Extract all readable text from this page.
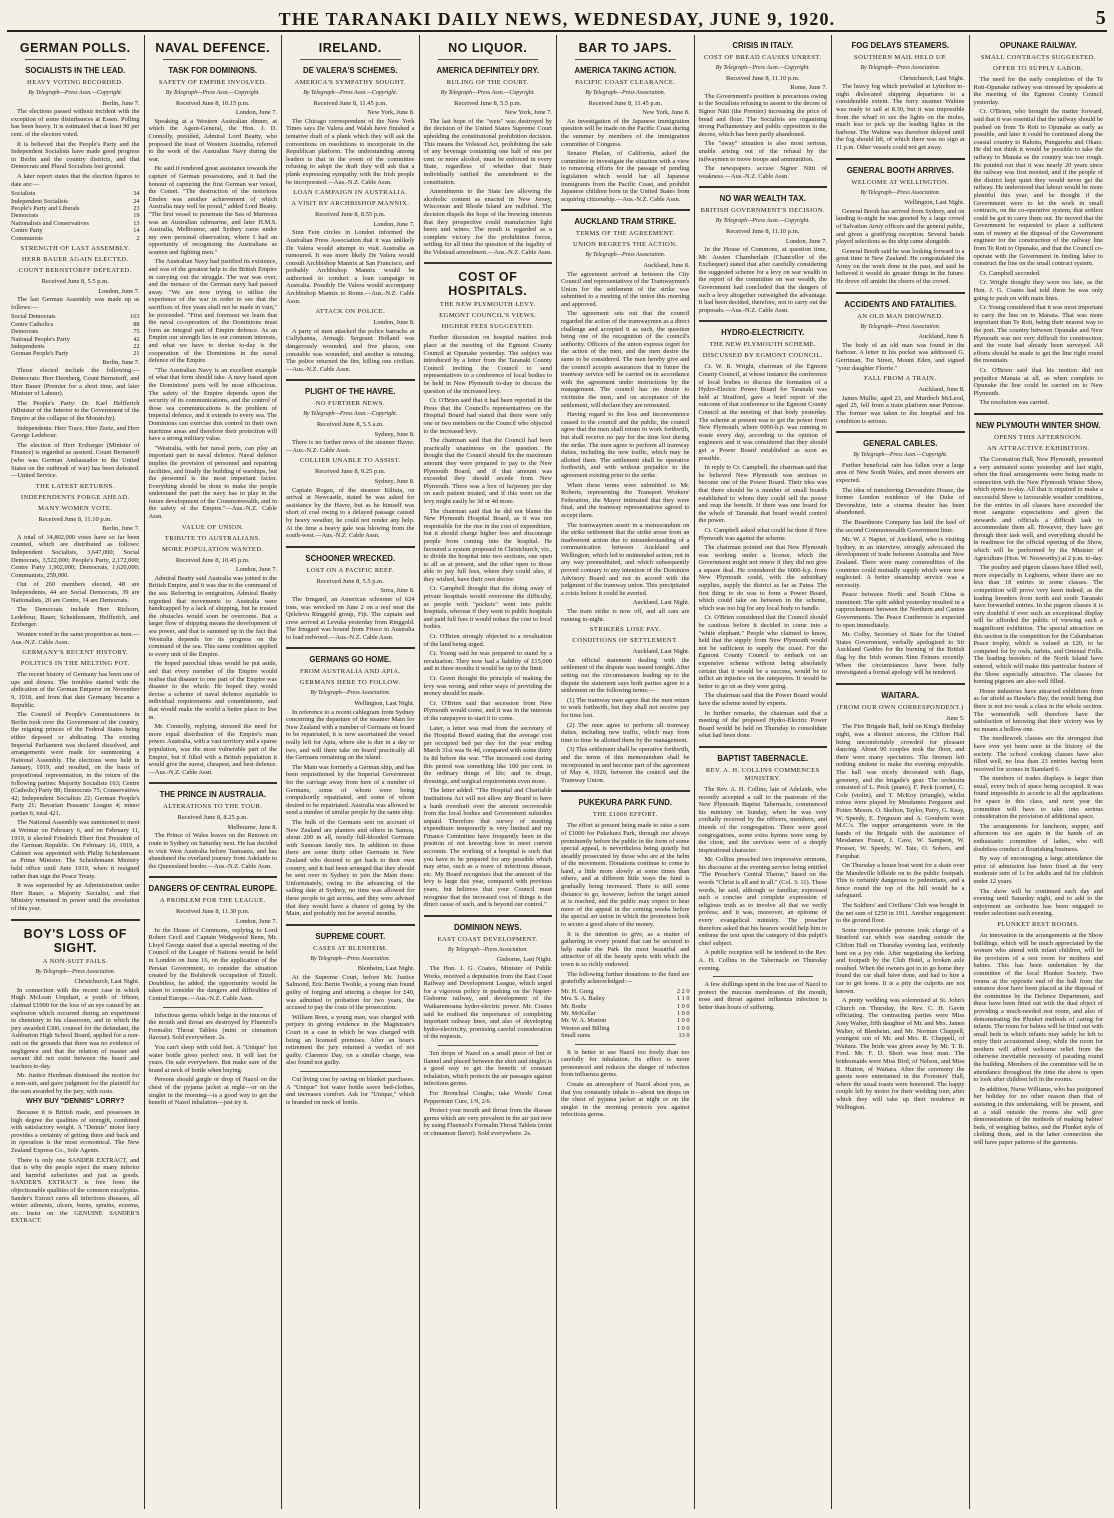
THE TARANAKI DAILY NEWS, WEDNESDAY, JUNE 9, 1920.	5
GERMAN POLLS.
SOCIALISTS IN THE LEAD.
HEAVY VOTING RECORDED.
By Telegraph—Press Assn.—Copyright.
Berlin, June 7.

The elections passed without incident with the exception of some disturbances at Essen. Polling has been heavy. It is estimated that at least 90 per cent. of the electors voted.

It is believed that the People's Party and the Independent Socialists have made good progress in Berlin and the country districts, and that Democrats and Plural Socialists lost ground.

A later report states that the election figures to date are:—

Socialists	34
Independent Socialists	24
People's Party and Liberals	23
Democrats	19
Nationalists and Conservatives	13
Centre Party	14
Communists	2
STRENGTH OF LAST ASSEMBLY.
HERR BAUER AGAIN ELECTED.
COUNT BERNSTORFF DEFEATED.
Received June 8, 5.5 p.m.
London, June 7.

The last German Assembly was made up as follows:—

Social Democrats	163
Centre Catholics	88
Democrats	75
National People's Party	42
Independents	22
German People's Party	21
Berlin, June 7.

Those elected include the following:—Democrats: Herr Dernberg, Count Bernstorff, and Herr Bauer (Premier for a short time, and later Minister of Labour).

The People's Party: Dr. Karl Helfferich (Minister of the Interior to the Government of the Empire at the collapse of the Monarchy).

Independents: Herr Trace, Herr Zeetz, and Herr George Ledebour.

The election of Herr Erzberger (Minister of Finance) is regarded as assured. Count Bernstorff (who was German Ambassador to the United States on the outbreak of war) has been defeated.—United Service.

THE LATEST RETURNS.
INDEPENDENTS FORGE AHEAD.
MANY WOMEN VOTE.
Received June 8, 11.10 p.m.
Berlin, June 7.

A total of 14,802,000 votes have so far been counted, which are distributed as follows: Independent Socialists, 3,647,000; Social Democrats, 3,522,000; People's Party, 2,172,000; Centre Party 1,902,000; Democrats, 1,620,000; Communists, 259,000.

Out of 260 members elected, 48 are Independents, 44 are Social Democrats, 39 are Nationalists, 20 are Centre, 14 are Democrats.

The Democrats include Herr Richorn, Ledebour, Bauer, Scheidemann, Helfferich, and Erzberger.

Women voted in the same proportion as men.—Aus.-N.Z. Cable Assn.

GERMANY'S RECENT HISTORY.
POLITICS IN THE MELTING POT.

The recent history of Germany has been one of ups and downs. The troubles started with the abdication of the German Emperor on November 9, 1918, and from that date Germany became a Republic.

The Council of People's Commissioners in Berlin took over the Government of the country, the reigning princes of the Federal States being either deposed or abdicating. The existing Imperial Parliament was declared dissolved, and arrangements were made for summoning a National Assembly. The elections were held in January, 1919, and resulted, on the basis of proportional representation, in the return of the following parties: Majority Socialists 163; Centre (Catholic) Party 88; Democrats 75; Conservatives 42; Independent Socialists 22; German People's Party 21; Bavarian Peasants' League 4; minor parties 6; total 421.

The National Assembly was summoned to meet at Weimar on February 6, and on February 11, 1919, it elected Friedrich Ebert first President of the German Republic. On February 16, 1919, a Cabinet was appointed with Philip Scheidemann as Prime Minister. The Scheidemann Ministry held office until June 1919, when it resigned rather than sign the Peace Treaty.

It was superseded by an Administration under Herr Bauer, a Majority Socialist, and that Ministry remained in power until the revolution of this year.

BOY'S LOSS OF SIGHT.
A NON-SUIT FAILS.
By Telegraph—Press Association.
Christchurch, Last Night.

In connection with the recent case in which Hugh McLean Urquhart, a youth of fifteen, claimed £1000 for the loss of an eye caused by an explosion which occurred during an experiment in chemistry in his classroom, and in which the jury awarded £300, counsel for the defendant, the Ashburton High School Board, applied for a non-suit on the grounds that there was no evidence of negligence and that the relation of master and servant did not exist between the board and teachers to-day.

Mr. Justice Herdman dismissed the motion for a non-suit, and gave judgment for the plaintiff for the sum awarded by the jury, with costs.

WHY BUY "DENNIS" LORRY?

Because it is British made, and possesses in high degree the qualities of strength, combined with satisfactory weight. A "Dennis" motor lorry provides a certainty of getting there and back and in operation is the most economical. The New Zealand Express Co., Sole Agents.

There is only one SANDER EXTRACT, and that is why the people reject the many inferior and harmful substitutes and just as goods. SANDER'S EXTRACT is free from the objectionable qualities of the common eucalyptus. Sander's Extract cures all infectious diseases, all winter ailments, ulcers, burns, sprains, eczema, etc. Insist on the GENUINE SANDER'S EXTRACT.

NAVAL DEFENCE.
TASK FOR DOMINIONS.
SAFETY OF EMPIRE INVOLVED.
By Telegraph—Press Assn.—Copyright.
Received June 8, 10.15 p.m.
London, June 7.

Speaking at a Western Australian dinner, at which the Agent-General, the Hon. J. D. Connolly, presided, Admiral Lord Beatty, who proposed the toast of Western Australia, referred to the work of the Australian Navy during the war.

He said it rendered great assistance towards the capture of German possessions, and it had the honour of capturing the first German war vessel, the Comet. "The destruction of the notorious Emden was another achievement of which Australia may well be proud," added Lord Beatty. "The first vessel to penetrate the Sea of Marmora was an Australian submarine, and later H.M.S. Australia, Melbourne, and Sydney came under my own personal observation, where I had an opportunity of recognising the Australians as seamen and fighting men."

The Australian Navy had justified its existence, and was of the greatest help to the British Empire in carrying out the struggle. The war was over, and the menace of the German navy had passed away. "We are now trying to utilise the experience of the war in order to see that the sacrifices of five years shall not be made in vain," he proceeded. "First and foremost we learn that the naval co-operation of the Dominions must form an integral part of Empire defence. As an Empire our strength lies in our common interests, and what we have to devise to-day is the cooperation of the Dominions in the naval defence of the Empire.

"The Australian Navy is an excellent example of what that form should take. A navy based upon the Dominions' ports will be most efficacious. The safety of the Empire depends upon the security of its communications, and the control of those sea communications is the problem of Imperial defence, and it extends to every sea. The Dominions can exercise this control in their own maritime areas and therefore their protection will have a strong military value.

"Westralia, with her naval ports, can play an important part in naval defence. Naval defence implies the provision of personnel and repairing facilities, and finally the building of warships, but the personnel is the most important factor. Everything should be done to make the people understand the part the navy has to play in the future development of the Commonwealth, and in the safety of the Empire."—Aus.-N.Z. Cable Assn.

VALUE OF UNION.
TRIBUTE TO AUSTRALIANS.
MORE POPULATION WANTED.
Received June 8, 10.45 p.m.
London, June 7.

Admiral Beatty said Australia was joined to the British Empire, and it was due to the command of the sea. Referring to emigration, Admiral Beatty regretted that movements to Australia were handicapped by a lack of shipping, but he trusted the obstacles would soon be overcome. But a larger flow of shipping means the development of sea power, and that is summed up in the fact that Westralia depends for its progress on the command of the sea. This same condition applied to every unit of the Empire.

He hoped parochial ideas would be put aside, and that every member of the Empire would realise that disaster to one part of the Empire was disaster to the whole. He hoped they would devise a scheme of naval defence equitable to individual requirements and commitments, and that would make the world a better place to live in.

Mr. Connolly, replying, stressed the need for more equal distribution of the Empire's man power. Australia, with a vast territory and a sparse population, was the most vulnerable part of the Empire, but if filled with a British population it would give the surest, cheapest, and best defence.—Aus.-N.Z. Cable Assn.

THE PRINCE IN AUSTRALIA.
ALTERATIONS TO THE TOUR.
Received June 8, 8.25 p.m.
Melbourne, June 8.

The Prince of Wales leaves on the Renown en route to Sydney on Saturday next. He has decided to visit West Australia before Tasmania, and has abandoned the overland journey from Adelaide to the Queensland border.—Aus.-N.Z. Cable Assn.

DANGERS OF CENTRAL EUROPE.
A PROBLEM FOR THE LEAGUE.
Received June 8, 11.30 p.m.
London, June 7.

In the House of Commons, replying to Lord Robert Cecil and Captain Wedgwood Benn, Mr. Lloyd George stated that a special meeting of the Council of the League of Nations would be held in London on June 16, on the application of the Persian Government, to consider the situation created by the Bolshevik occupation of Enzeli. Doubtless, he added, the opportunity would be taken to consider the dangers and difficulties of Central Europe.—Aus.-N.Z. Cable Assn.

Infectious germs which lodge in the mucous of the mouth and throat are destroyed by Fluenzol's Formalin Throat Tablets (mint or cinnamon flavour). Sold everywhere. 2s.

You can't sleep with cold feet. A "Unique" hot water bottle gives perfect rest. It will last for years. On sale everywhere. But make sure of the brand at neck of bottle when buying.

Persons should gargle or drop of Nazol on the chest of the pyjama jacket at night—or on the singlet in the morning—is a good way to get the benefit of Nazol inhalation—just try it.

IRELAND.
DE VALERA'S SCHEMES.
AMERICA'S SYMPATHY SOUGHT.
By Telegraph—Press Assn.—Copyright.
Received June 8, 11.45 p.m.
New York, June 8.

The Chicago correspondent of the New York Times says De Valera and Walsh have finished a tentative draft of a plank which they will ask the conventions on resolutions to incorporate in the Republican platform. The understanding among leaders is that in the event of the committee refusing to adopt the draft they will ask that a plank expressing sympathy with the Irish people be incorporated.—Aus.-N.Z. Cable Assn.

LOAN CAMPAIGN IN AUSTRALIA.
A VISIT BY ARCHBISHOP MANNIX.
Received June 8, 8.55 p.m.
London, June 7.

Sinn Fein circles in London informed the Australian Press Association that it was unlikely De Valera would attempt to visit Australia as rumoured. It was more likely De Valera would consult Archbishop Mannix at San Francisco, and probably Archbishop Mannix would be authorised to conduct a loan campaign in Australia. Possibly De Valera would accompany Archbishop Mannix to Rome.—Aus.-N.Z. Cable Assn.

ATTACK ON POLICE.
London, June 8.

A party of men attacked the police barracks at Cullyhanna, Armagh. Sergeant Holland was dangerously wounded, and five places, one constable was wounded, and another is missing. The police returned the fire, killing one civilian.—Aus.-N.Z. Cable Assn.

PLIGHT OF THE HAVRE.
NO FURTHER NEWS.
By Telegraph—Press Assn.—Copyright.
Received June 8, 5.5 a.m.
Sydney, June 8.

There is no further news of the steamer Havre.—Aus.-N.Z. Cable Assn.

COLLIER UNABLE TO ASSIST.
Received June 8, 9.25 p.m.
Sydney, June 8.

Captain Rogan, of the steamer Kiltuia, on arrival at Newcastle, stated he was asked for assistance by the Havre, but as he himself was short of coal owing to a delayed passage caused by heavy weather, he could not render any help. At the time a heavy gale was blowing from the south-west.—Aus.-N.Z. Cable Assn.

SCHOONER WRECKED.
LOST ON A PACIFIC REEF.
Received June 8, 5.5 p.m.
Suva, June 8.

The Irmgard, an American schooner of 624 tons, was wrecked on June 2 on a reef near the Qelelevu Ringgold group, Fiji. The captain and crew arrived at Levuka yesterday from Ringgold. The Irmgard was bound from Frisco to Australia to load redwood.—Aus.-N.Z. Cable Assn.

GERMANS GO HOME.
FROM AUSTRALIA AND APIA.
GERMANS HERE TO FOLLOW.
By Telegraph—Press Association.
Wellington, Last Night.

In reference to a recent cablegram from Sydney concerning the departure of the steamer Main for New Zealand with a number of Germans on board to be repatriated, it is now ascertained the vessel really left for Apia, where she is due in a day or two, and will there take on board practically all the Germans remaining on the island.

The Main was formerly a German ship, and has been requisitioned by the Imperial Government for the carriage away from here of a number of Germans, some of whom were being compulsorily repatriated, and some of whom desired to be repatriated. Australia was allowed to send a number of similar people by the same ship.

The bulk of the Germans sent on account of New Zealand are planters and others in Samoa, about 200 in all, mostly full-blooded Germans with Samoan family ties. In addition to these there are some thirty other Germans in New Zealand who desired to get back to their own country, and it had been arranged that they should be sent over to Sydney to join the Main there. Unfortunately, owing to the advancing of the sailing date at Sydney, no time was allowed for these people to get across, and they were advised that they would have a chance of going by the Main, and probably not for several months.

SUPREME COURT.
CASES AT BLENHEIM.
By Telegraph—Press Association.
Blenheim, Last Night.

At the Supreme Court, before Mr. Justice Salmond, Eric Bertie Twohle, a young man found guilty of forging and uttering a cheque for £40, was admitted to probation for two years, the accused to pay the costs of the prosecution.

William Rees, a young man, was charged with perjury in giving evidence in the Magistrate's Court in a case in which he was charged with being an licensed premises. After an hour's retirement the jury returned a verdict of not guilty. Clarence Day, on a similar charge, was also found not guilty.

Cut living cost by saving on blanket purchases. A "Unique" hot water bottle saves bed-clothes, and increases comfort. Ask for "Unique," which is branded on neck of bottle.

NO LIQUOR.
AMERICA DEFINITELY DRY.
RULING OF THE COURT.
By Telegraph—Press Assn.—Copyright.
Received June 8, 5.5 p.m.
New York, June 7.

The last hope of the "wets" was destroyed by the decision of the United States Supreme Court upholding the constitutional prohibition decision. This means the Volstead Act, prohibiting the sale of any beverage containing one half of one per cent. or more alcohol, must be enforced in every State, regardless of whether that State individually ratified the amendment to the constitution.

Amendments to the State law allowing the alcoholic content as enacted in New Jersey, Wisconsin and Rhode Island are nullified. The decision dispels the hope of the brewing interests that they prospective could manufacture light beers and wines. The result is regarded as a complete victory for the prohibition forces, settling for all time the question of the legality of the Volstead amendment.—Aus.-N.Z. Cable Assn.

COST OF HOSPITALS.
THE NEW PLYMOUTH LEVY.
EGMONT COUNCIL'S VIEWS.
HIGHER FEES SUGGESTED.

Further discussion on hospital matters took place at the meeting of the Egmont County Council at Opunake yesterday. The subject was introduced by a letter from the Taranaki County Council inviting the Council to send representatives to a conference of local bodies to be held in New Plymouth to-day to discuss the question of the increased levy.

Cr. O'Brien said that it had been reported in the Press that the Council's representatives on the Hospital Board had stated that there were only one or two members on the Council who objected to the increased levy.

The chairman said that the Council had been practically unanimous on the question. He thought that the Council should fix the maximum amount they were prepared to pay to the New Plymouth Board, and if that amount was exceeded they should secede from New Plymouth. There was a box of ha'penny per day on each patient treated, and if this went on the levy might easily be 3d or 4d more.

The chairman said that he did not blame the New Plymouth Hospital Board, as it was not responsible for the rise in the cost of expenditure, but it should charge higher fees and discourage people from coming into the hospital. He favoured a system proposed in Christchurch, viz., to divide the hospital into two sections, one open to all as at present, and the other open to those able to pay full fees, where they could also, if they wished, have their own doctor.

Cr. Campbell thought that the doing away of private hospitals would overcome the difficulty, as people with "pockets" went into public hospitals, whereas if they went to public hospitals and paid full fees it would reduce the cost to local bodies.

Cr. O'Brien strongly objected to a revaluation of the land being urged.

Cr. Young said he was prepared to stand by a revaluation. They now had a liability of £15,000 and in three months it would be up to the limit.

Cr. Green thought the principle of making the levy was wrong, and other ways of providing the money should be made.

Cr. O'Brien said that secession from New Plymouth would come, and it was in the interests of the ratepayers to start it to come.

Later, a letter was read from the secretary of the Hospital Board stating that the average cost per occupied bed per day for the year ending March 31st was 9s 4d, compared with some thirty 6s 8d before the war. "The increased cost during this period was something like 100 per cent. in the ordinary things of life; and in drugs, dressings, and surgical requirements even more.

The letter added: "The Hospital and Charitable Institutions Act will not allow any Board to have a bank overdraft over the amount recoverable from the local bodies and Government subsidies unpaid. Therefore that survey of meeting expenditure temporarily is very limited and my Finance Committee have frequently been in the position of not knowing how to meet current accounts. The working of a hospital is such that you have to be prepared for any possible which may arise, such as a wave of infectious disease, etc. My Board recognises that the amount of the levy is large this year, compared with previous years, but believes that your Council must recognise that the increased cost of things is the direct cause of such, and is beyond our control."

DOMINION NEWS.
EAST COAST DEVELOPMENT.
By Telegraph—Press Association.
Gisborne, Last Night.

The Hon. J. G. Coates, Minister of Public Works, received a deputation from the East Coast Railway and Development League, which urged for a vigorous policy in pushing on the Napier-Gisborne railway, and development of the Waikaremoana hydro-electric power. Mr. Coates said he realised the importance of completing important railway lines, and also of developing hydro-electricity, promising careful consideration of the requests.

Ten drops of Nazol on a small piece of lint or flannel and placed between the shirt and singlet is a good way to get the benefit of constant inhalation, which protects the air passages against infectious germs.

For Bronchial Coughs, take Woods' Great Peppermint Cure, 1/9, 2/6.

Protect your mouth and throat from the disease germs which are very prevalent in the air just now by using Fluenzol's Formalin Throat Tablets (mint or cinnamon flavor). Sold everywhere. 2s.

BAR TO JAPS.
AMERICA TAKING ACTION.
PACIFIC COAST CLEARANCE.
By Telegraph—Press Association.
Received June 8, 11.45 p.m.
New York, June 8.

An investigation of the Japanese immigration question will be made on the Pacific Coast during the summer by members of the immigration committee of Congress.

Senator Phelan, of California, asked the committee to investigate the situation with a view to removing efforts for the passage of pending legislation which would bar all Japanese immigrants from the Pacific Coast, and prohibit Japanese children born in the United States from acquiring citizenship.—Aus.-N.Z. Cable Assn.

AUCKLAND TRAM STRIKE.
TERMS OF THE AGREEMENT.
UNION REGRETS THE ACTION.
By Telegraph—Press Association.
Auckland, June 8.

The agreement arrived at between the City Council and representatives of the Tramwaymen's Union for the settlement of the strike was submitted to a meeting of the union this morning and approved.

The agreement sets out that the council regarded the action of the tramwaymen as a direct challenge and accepted it as such, the question being one of the recognition of the council's authority. Officers of the union express regret for the action of the men, and the men desire the same to be considered. The men hereby give and the council accepts assurances that in future the tramway service will be carried on in accordance with the agreement under instructions by the management. The council has no desire to victimise the men, and on acceptance of the settlement, will declare they are reinstated.

Having regard to the loss and inconvenience caused to the council and the public, the council agree that the men shall return to work forthwith, but shall receive no pay for the time lost during the strike. The men agree to perform all tramway duties, including the new traffic, which may be allotted them. The settlement shall be operative forthwith, and with without prejudice to the agreement existing prior to the strike.

When these terms were submitted to Mr. Roberts, representing the Transport Workers' Federation, the Mayor intimated that they were final, and the tramway representatives agreed to accept them.

The tramwaymen assert in a memorandum on the strike settlement that the strike arose from an inadvertent action due to misunderstanding of a communication between Auckland and Wellington, which led to unintended action, not in any way premeditated, and which subsequently proved contrary to any intention of the Dominion Advisory Board and not in accord with the judgment of the tramway union. This precipitated a crisis before it could be averted.

Auckland, Last Night.

The tram strike is now off, and all cars are running to-night.

STRIKERS LOSE PAY.
CONDITIONS OF SETTLEMENT.
Auckland, Last Night.

An official statement dealing with the settlement of the dispute was issued tonight. After setting out the circumstances leading up to the dispute the statement says both parties agree to a settlement on the following terms:—

(1) The tramway men agree that the men return to work forthwith, but they shall not receive pay for time lost.

(2) The men agree to perform all tramway duties, including new traffic, which may from time to time be allotted them by the management.

(3) This settlement shall be operative forthwith, and the terms of this memorandum shall be incorporated in and become part of the agreement of May 4, 1920, between the council and the Tramway Union.

PUKEKURA PARK FUND.
THE £1000 EFFORT.

The effort at present being made to raise a sum of £1000 for Pukekura Park, through our always prominently before the public in the form of some special appeal, is nevertheless being quietly but steadily prosecuted by those who are at the helm of the movement. Donations continue to come to hand, a little more slowly at some times than others, and at different little ways the fund is gradually being increased. There is still some distance to go, however, before the target aimed at is reached, and the public may expect to hear more of the appeal in the coming weeks before the special art union in which the promoters look to secure a good share of the money.

It is the intention to give, as a matter of gathering in every pound that can be secured to help make the Park the most beautiful and attractive of all the beauty spots with which the town is so richly endowed.

The following further donations to the fund are gratefully acknowledged:—

Mr. H. Greig	2 2 0
Mrs. S. A. Bailey	1 1 0
Mr. Bodie	1 0 0
Mr. McKellar	1 0 0
Mr. W. A. Morton	1 0 0
Weston and Billing	1 0 0
Small sums	13 0

It is better to use Nazol too freely than too carefully for inhalation. Its effect is more pronounced and reduces the danger of infection from influenza germs.

Create an atmosphere of Nazol about you, as that you constantly inhale it—about ten drops on the chest of pyjama jacket at night or on the singlet in the morning protects you against infectious germs.

CRISIS IN ITALY.
COST OF BREAD CAUSES UNREST.
By Telegraph—Press Assn.—Copyright.
Received June 8, 11.10 p.m.
Rome, June 7.

The Government's position is precarious owing to the Socialists refusing to assent to the decree of Signor Nitti (the Premier) increasing the price of bread and flour. The Socialists are organising strong Parliamentary and public opposition to the decree, which has been partly abandoned.

The "away" situation is also most serious, unable arising out of the refusal by the railwaymen to move troops and ammunition.

The newspapers accuse Signor Nitti of weakness.—Aus.-N.Z. Cable Assn.

NO WAR WEALTH TAX.
BRITISH GOVERNMENT'S DECISION.
By Telegraph—Press Assn.—Copyright.
Received June 8, 11.10 p.m.
London, June 7.

In the House of Commons, at question time, Mr. Austen Chamberlain (Chancellor of the Exchequer) stated that after carefully considering the suggested scheme for a levy on war wealth in the report of the committee on war wealth, the Government had concluded that the dangers of such a levy altogether outweighed the advantage. It had been decided, therefore, not to carry out the proposals.—Aus.-N.Z. Cable Assn.

HYDRO-ELECTRICITY.
THE NEW PLYMOUTH SCHEME.
DISCUSSED BY EGMONT COUNCIL.

Cr. W. R. Wright, chairman of the Egmont County Council, at whose instance the conference of local bodies to discuss the formation of a Hydro-Electric Power Board for Taranaki was held at Stratford, gave a brief report of the outcome of that conference to the Egmont County Council at the meeting of that body yesterday. The scheme at present was to get the power from New Plymouth, where 6000-h.p. was running to waste every day, according to the opinion of engineers and it was considered that they should get a Power Board established as soon as possible.

In reply to Cr. Campbell, the chairman said that he believed New Plymouth was anxious to become one of the Power Board. Their idea was that there should be a number of small boards established to whom they could sell the power and reap the benefit. If there was one board for the whole of Taranaki that board would control the power.

Cr. Campbell asked what could be done if New Plymouth was against the scheme.

The chairman pointed out that New Plymouth was working under a license, which the Government might not renew if they did not give a square deal. He considered the 6000-h.p. from New Plymouth could, with the subsidiary supplies, supply the district as far as Patea. The first thing to do was to form a Power Board, which could take on between in the scheme, which was too big for any local body to handle.

Cr. O'Brien considered that the Council should be cautious before it decided to come into a "white elephant." People who claimed to know, held that the supply from New Plymouth would not be sufficient to supply the coast. For the Egmont County Council to embark on an expensive scheme without being absolutely certain that it would be a success, would be to inflict an injustice on the ratepayers. It would be better to go on as they were going.

The chairman said that the Power Board would have the scheme tested by experts.

In further remarks, the chairman said that a meeting of the proposed Hydro-Electric Power Board would be held on Thursday to consolidate what had been done.

BAPTIST TABERNACLE.
REV. A. H. COLLINS COMMENCES MINISTRY.

The Rev. A. H. Collins, late of Adelaide, who recently accepted a call to the pastorate of the New Plymouth Baptist Tabernacle, commenced his ministry on Sunday, when he was very cordially received by the officers, members, and friends of the congregation. There were good congregations, some extra hymns were sung by the choir, and the services were of a deeply inspirational character.

Mr. Collins preached two impressive sermons, his discourse at the evening service being entitled "The Preacher's Central Theme," based on the words "Christ is all and in all." (Col. 3: 11). These words, he said, although so familiar, expressed such a concise and complete expression of religious truth as to involve all that we verily profess; and it was, moreover, an epitome of every evangelical ministry. The preacher therefore asked that his hearers would help him to endorse the text upon the category of this pulpit's chief subject.

A public reception will be tendered to the Rev. A. H. Collins in the Tabernacle on Thursday evening.

A few shillings spent in the free use of Nazol to protect the mucous membranes of the mouth, nose and throat against influenza infection is better than hours of suffering.

FOG DELAYS STEAMERS.
SOUTHERN MAIL HELD UP.
By Telegraph—Press Association.
Christchurch, Last Night.

The heavy fog which prevailed at Lyttelton to-night dislocated shipping departures to a considerable extent. The ferry steamer Wahine was ready to sail at 8.30, but it was impossible from the wharf to see the lights on the moles, much less to pick up the leading lights in the harbour. The Wahine was therefore delayed until the fog should lift, of which there was no sign at 11 p.m. Other vessels could not get away.

GENERAL BOOTH ARRIVES.
WELCOME AT WELLINGTON.
By Telegraph—Press Association.
Wellington, Last Night.

General Booth has arrived from Sydney, and on landing to-night he was greeted by a large crowd of Salvation Army officers and the general public, and given a gratifying reception. Several bands played selections as the ship came alongside.

General Booth said he was looking forward to a great time in New Zealand. He congratulated the Army on the work done in the past, and said he believed it would do greater things in the future. He drove off amidst the cheers of the crowd.

ACCIDENTS AND FATALITIES.
AN OLD MAN DROWNED.
By Telegraph—Press Association.
Auckland, June 8.

The body of an old man was found in the harbour. A letter in his pocket was addressed G. Gerriman, Tui Street, Mount Eden, and signed "your daughter Florrie."

FALL FROM A TRAIN.
Auckland, June 8.

James Mullie, aged 23, and Murdoch McLeod, aged 25, fell from a train platform near Penrose. The former was taken to the hospital and his condition is serious.

GENERAL CABLES.
By Telegraph—Press Assn.—Copyright.

Further beneficial rain has fallen over a large area of New South Wales, and more showers are expected.

The idea of transferring Devonshire House, the former London residence of the Duke of Devonshire, into a cinema theatre has been abandoned.

The Beardmore Company has laid the keel of the second Commonwealth Government liner.

Mr. W. J. Napier, of Auckland, who is visiting Sydney, in an interview, strongly advocated the development of trade between Australia and New Zealand. There were many commodities of the countries could mutually supply which were now neglected. A better steamship service was a necessity.

Peace between North and South China is imminent. The split added yesterday resulted in a rapprochement between the Northern and Canton Governments. The Peace Conference is expected to open immediately.

Mr. Colby, Secretary of State for the United States Government, verbally apologised to Sir Auckland Geddes for the burning of the British flag by the Irish women Sinn Feiners recently. When the circumstances have been fully investigated a formal apology will be tendered.

WAITARA.
(FROM OUR OWN CORRESPONDENT.)
June 5.

The Fire Brigade Ball, held on King's Birthday night, was a distinct success, the Clifton Hall being uncomfortably crowded for pleasant dancing. About 90 couples took the floor, and there were many spectators. The firemen left nothing undone to make the evening enjoyable. The hall was nicely decorated with flags, greenery, and the brigade's gear. The orchestra consisted of L. Peck (piano), F. Peck (cornet), C. Cole (violin), and T. McKoy (triangle), whilst extras were played by Mesdames Ferguson and Potter. Messrs. O. Skelton, Taylor, Parry, G. Keay, W. Speedy, E. Ferguson and A. Goodwin were M.C.'s. The supper arrangements were in the hands of the Brigade with the assistance of Mesdames Fraser, J. Cave, W. Sampson, W. Prosser, W. Speedy, W. Tate, O. Sobers, and Farquhar.

On Thursday a house boat went for a skate over the Mandeville hillside on to the public footpath. This is certainly dangerous to pedestrians, and a fence round the top of the hill would be a safeguard.

The Soldiers' and Civilians' Club was bought in the net sum of £250 in 1911. Another engagement to the ground floor.

Some irrepressible persons took charge of a Stratford car which was standing outside the Clifton Hall on Thursday evening last, evidently bent on a joy ride. After negotiating the kerbing and footpath by the Club Hotel, a broken axle resulted. When the owners got in to go home they found the car shall have done, and had to hire a car to get home. It is a pity the culprits are not known.

A pretty wedding was solemnised at St. John's Church on Thursday, the Rev. C. H. Gavin officiating. The contracting parties were Miss Amy Walter, fifth daughter of Mr. and Mrs. James Walter, of Blenheim, and Mr. Norman Chappell, youngest son of Mr. and Mrs. R. Chappell, of Waitara. The bride was given away by Mr. T. R. Ford. Mr. F. D. Short was best man. The bridesmaids were Miss Bird, of Nelson, and Miss B. Hutton, of Waitara. After the ceremony the guests were entertained in the Foresters' Hall, where the usual toasts were honoured. The happy couple left by motor for their wedding tour, after which they will take up their residence in Wellington.

OPUNAKE RAILWAY.
SMALL CONTRACTS SUGGESTED.
OFFER TO SUPPLY LABOR.

The need for the early completion of the Te Roti-Opunake railway was stressed by speakers at the meeting of the Egmont County Council yesterday.

Cr. O'Brien, who brought the matter forward, said that it was essential that the railway should be pushed on from Te Roti to Opunake as early as possible, and later it could be continued along the coastal country to Rahotu, Pungarehu and Okato. He did not think it would be possible to take the railway to Manaia as the country was too rough. He pointed out that it was nearly 20 years since the railway was first mooted, and if the people of the district kept quiet they would never get the railway. He understood that labour would be more plentiful this year, and he thought if the Government were to let the work in small contracts, on the co-operative system, that settlers could be got to carry them out. He moved that the Government be requested to place a sufficient sum of money at the disposal of the Government engineer for the construction of the railway line from Te Roti to Opunake, and that the Council co-operate with the Government in finding labor to construct the line on the small contract system.

Cr. Campbell seconded.

Cr. Wright thought they were too late, as the Hon. J. G. Coates had told them he was only going to push on with main lines.

Cr. Young considered that it was most important to carry the line on to Manaia. That was more important than Te Roti, being their nearest way to the port. The country between Opunake and New Plymouth was not very difficult for construction, and the route had already been surveyed. All efforts should be made to get the line right round the mountain.

Cr. O'Brien said that his motion did not prejudice Manaia at all, as when complete to Opunake the line could be carried on to New Plymouth.

The resolution was carried.

NEW PLYMOUTH WINTER SHOW.
OPENS THIS AFTERNOON.
AN ATTRACTIVE EXHIBITION.

The Coronation Hall, New Plymouth, presented a very animated scene yesterday and last night, when the final arrangements were being made in connection with the New Plymouth Winter Show, which opens to-day. All that is required to make a successful Show is favourable weather conditions, for the entries in all classes have exceeded the most sanguine expectations and given the stewards and officials a difficult task to accommodate them all. However, they have got through their task well, and everything should be in readiness for the official opening of the Show, which will be performed by the Minister of Agriculture (Hon. W. Nosworthy) at 2 p.m. to-day.

The poultry and pigeon classes have filled well, more especially in Leghorns, where there are no less than 18 entries in some classes. The competition will prove very keen indeed, as the leading breeders from north and south Taranaki have forwarded entries. In the pigeon classes it is very doubtful if ever such an exceptional display will be afforded the public of viewing such a magnificent exhibition. The special attraction on this section is the competition for the Calumbarian Peace trophy, which is valued at £20, to be competed for by owls, turbits, and Oriental Frills. The leading breeders of the North Island have entered, which will make this particular feature of the Show especially attractive. The classes for homing pigeons are also well filled.

Home industries have attracted exhibitors from as far afield as Hawke's Bay, the result being that there is not too weak a class in the whole section. The womenfolk will therefore have the satisfaction of knowing that their victory was by no means a hollow one.

The needlework classes are the strongest that have ever yet been seen in the history of the society. The school cooking classes have also filled well, no less than 23 entries having been received for scones in Standard 6.

The numbers of trades displays is larger than usual, every inch of space being occupied. It was found impossible to accede to all the applications for space in this class, and next year the committee will have to take into serious consideration the provision of additional space.

The arrangements for luncheon, supper, and afternoon tea are again in the hands of an enthusiastic committee of ladies, who will doubtless conduct a flourishing business.

By way of encouraging a large attendance the price of admission has been fixed at the very moderate sum of 1s for adults and 6d for children under 12 years.

The show will be continued each day and evening until Saturday night, and to add to the enjoyment an orchestra has been engaged to render selections each evening.

PLUNKET REST ROOMS.

An innovation in the arrangements at the Show buildings, which will be much appreciated by the women who attend with infant children, will be the provision of a rest room for mothers and babies. This has been undertaken by the committee of the local Plunket Society. Two rooms at the opposite end of the hall from the entrance door have been placed at the disposal of the committee by the Defence Department, and these have been fitted out with the dual object of providing a much-needed rest room, and also of demonstrating the Plunket methods of caring for infants. The room for babies will be fitted out with small beds in which infants may safely be left to enjoy their accustomed sleep, while the room for mothers will afford welcome relief from the otherwise inevitable necessity of parading round the building. Members of the committee will be in attendance throughout the time the show is open to look after children left in the rooms.

In addition, Nurse Williams, who has postponed her holiday for no other reason than that of assisting in this undertaking, will be present, and at a stall outside the rooms she will give demonstrations of the methods of making babies' beds, of weighing babies, and the Plunket style of clothing them, and in the latter connection she will have paper patterns of the garments.
